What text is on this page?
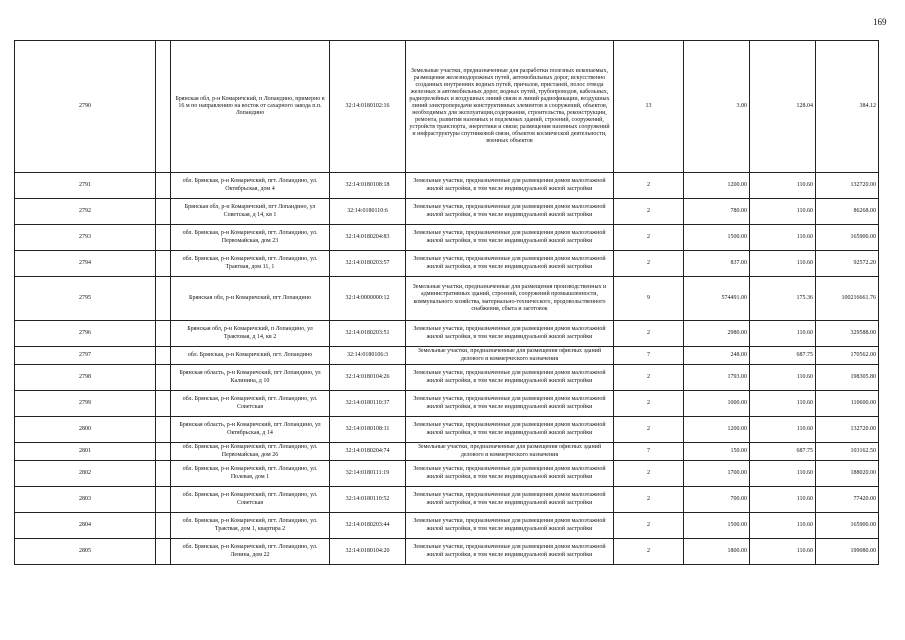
169
2790		Брянская обл, р-н Комаричский, п Лопандино, примерно в 16 м по направлению на восток от сахарного завода п.п. Лопандино	32:14:0180102:16	Земельные участки, предназначенные для разработки полезных ископаемых, размещения железнодорожных путей, автомобильных дорог, искусственно созданных внутренних водных путей, причалов, пристаней, полос отвода железных и автомобильных дорог, водных путей, трубопроводов, кабельных, радиорелейных и воздушных линий связи и линий радиофикации, воздушных линий электропередачи конструктивных элементов и сооружений, объектов, необходимых для эксплуатации,содержания, строительства, реконструкции, ремонта, развития наземных и подземных зданий, строений, сооружений, устройств транспорта, энергетики и связи; размещения наземных сооружений и инфраструктуры спутниковой связи, объектов космической деятельности, военных объектов	13	3.00	128.04	384.12
2791		обл. Брянская, р-н Комаричский, пгт. Лопандино, ул. Октябрьская, дом 4	32:14:0180108:18	Земельные участки, предназначенные для размещения домов малоэтажной жилой застройки, в том числе индивидуальной жилой застройки	2	1200.00	110.60	132720.00
2792		Брянская обл, р-н Комаричский, пгт Лопандино, ул Советская, д 14, кв 1	32:14:0180110:6	Земельные участки, предназначенные для размещения домов малоэтажной жилой застройки, в том числе индивидуальной жилой застройки	2	780.00	110.60	86268.00
2793		обл. Брянская, р-н Комаричский, пгт. Лопандино, ул. Первомайская, дом 23	32:14:0180204:83	Земельные участки, предназначенные для размещения домов малоэтажной жилой застройки, в том числе индивидуальной жилой застройки	2	1500.00	110.60	165900.00
2794		обл. Брянская, р-н Комаричский, пгт. Лопандино, ул. Трактвая, дом 11, 1	32:14:0180203:57	Земельные участки, предназначенные для размещения домов малоэтажной жилой застройки, в том числе индивидуальной жилой застройки	2	837.00	110.60	92572.20
2795		Брянская обл, р-н Комаричский, пгт Лопандино	32:14:0000000:12	Земельные участки, предназначенные для размещения производственных и административных зданий, строений, сооружений промышленности, коммунального хозяйства, материально-технического, продовольственного снабжения, сбыта и заготовок	9	574491.00	175.36	100216661.76
2796		Брянская обл, р-н Комаричский, п Лопандино, ул Трактовая, д 14, кв 2	32:14:0180203:51	Земельные участки, предназначенные для размещения домов малоэтажной жилой застройки, в том числе индивидуальной жилой застройки	2	2980.00	110.60	329588.00
2797		обл. Брянская, р-н Комаричский, пгт. Лопандино	32:14:0180106:3	Земельные участки, предназначенные для размещения офисных зданий делового и коммерческого назначения	7	248.00	687.75	170562.00
2798		Брянская область, р-н Комаричский, пгт Лопандино, ул Калинина, д 10	32:14:0180104:26	Земельные участки, предназначенные для размещения домов малоэтажной жилой застройки, в том числе индивидуальной жилой застройки	2	1793.00	110.60	198305.80
2799		обл. Брянская, р-н Комаричский, пгт. Лопандино, ул. Советская	32:14:0180110:37	Земельные участки, предназначенные для размещения домов малоэтажной жилой застройки, в том числе индивидуальной жилой застройки	2	1000.00	110.60	110600.00
2800		Брянская область, р-н Комаричский, пгт Лопандино, ул Октябрьская, д 14	32:14:0180108:11	Земельные участки, предназначенные для размещения домов малоэтажной жилой застройки, в том числе индивидуальной жилой застройки	2	1200.00	110.60	132720.00
2801		обл. Брянская, р-н Комаричский, пгт. Лопандино, ул. Первомайская, дом 26	32:14:0180204:74	Земельные участки, предназначенные для размещения офисных зданий делового и коммерческого назначения	7	150.00	687.75	103162.50
2802		обл. Брянская, р-н Комаричский, пгт. Лопандино, ул. Полевая, дом 1	32:14:0180111:19	Земельные участки, предназначенные для размещения домов малоэтажной жилой застройки, в том числе индивидуальной жилой застройки	2	1700.00	110.60	188020.00
2803		обл. Брянская, р-н Комаричский, пгт. Лопандино, ул. Советская	32:14:0180110:52	Земельные участки, предназначенные для размещения домов малоэтажной жилой застройки, в том числе индивидуальной жилой застройки	2	700.00	110.60	77420.00
2804		обл. Брянская, р-н Комаричский, пгт. Лопандино, ул. Трактвая, дом 1, квартира 2	32:14:0180203:44	Земельные участки, предназначенные для размещения домов малоэтажной жилой застройки, в том числе индивидуальной жилой застройки	2	1500.00	110.60	165900.00
2805		обл. Брянская, р-н Комаричский, пгт. Лопандино, ул. Ленина, дом 22	32:14:0180104:20	Земельные участки, предназначенные для размещения домов малоэтажной жилой застройки, в том числе индивидуальной жилой застройки	2	1800.00	110.60	199080.00
